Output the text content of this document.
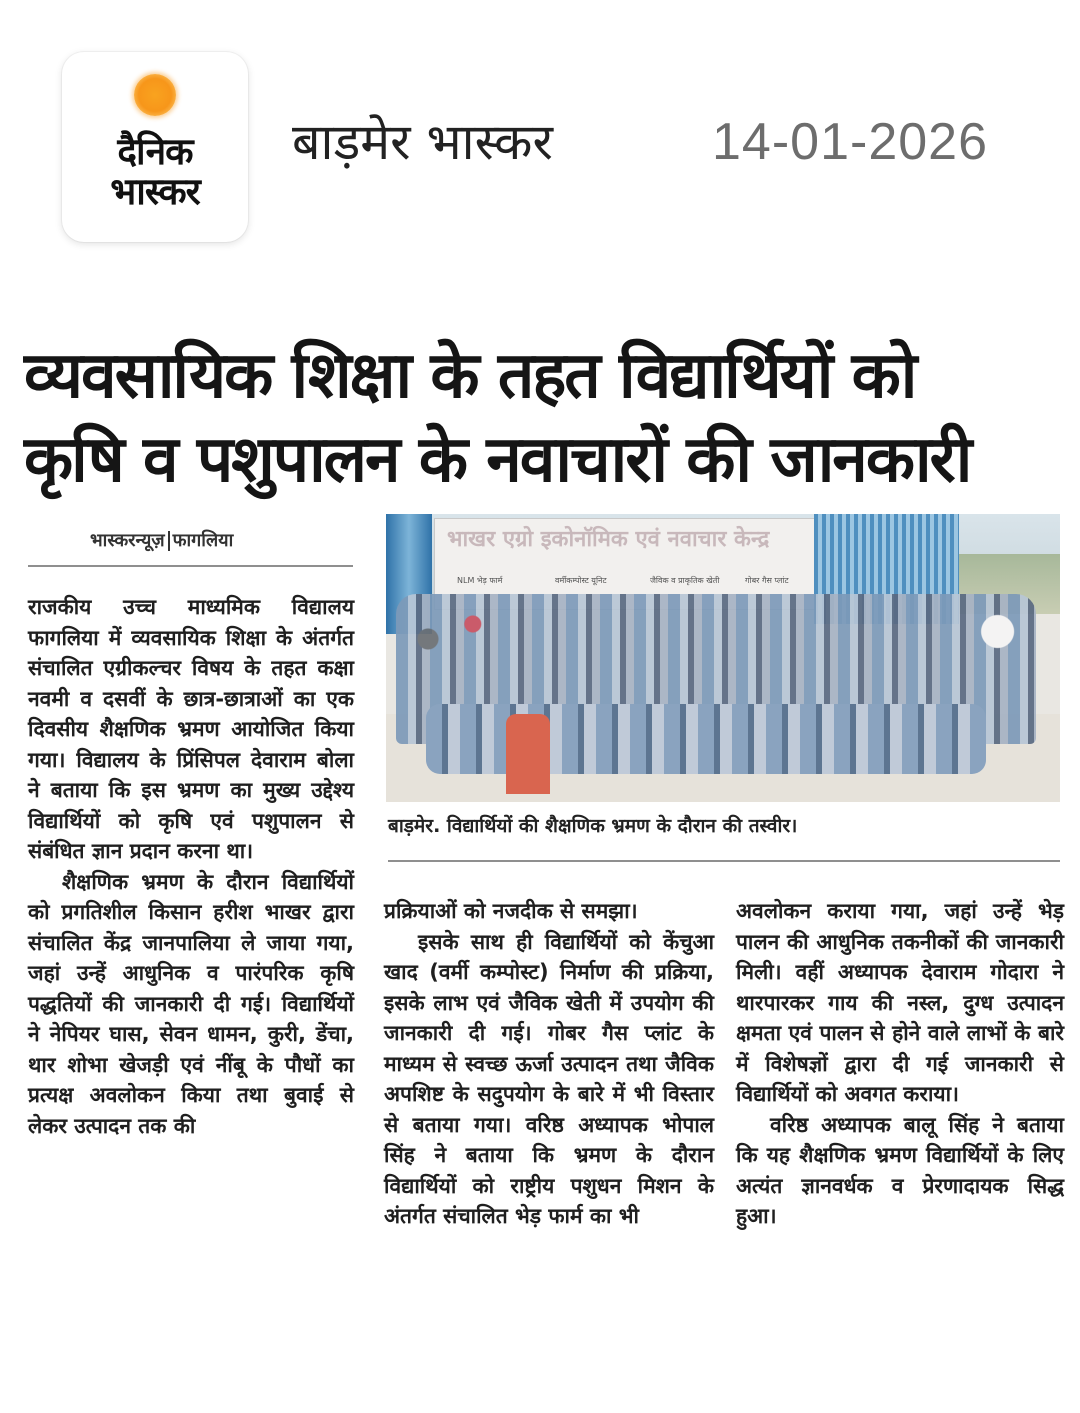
दैनिक
भास्कर
बाड़मेर भास्कर	14-01-2026
व्यवसायिक शिक्षा के तहत विद्यार्थियों को
कृषि व पशुपालन के नवाचारों की जानकारी
भास्करन्यूज़ फागलिया

राजकीय उच्च माध्यमिक विद्यालय फागलिया में व्यवसायिक शिक्षा के अंतर्गत संचालित एग्रीकल्चर विषय के तहत कक्षा नवमी व दसवीं के छात्र-छात्राओं का एक दिवसीय शैक्षणिक भ्रमण आयोजित किया गया। विद्यालय के प्रिंसिपल देवाराम बोला ने बताया कि इस भ्रमण का मुख्य उद्देश्य विद्यार्थियों को कृषि एवं पशुपालन से संबंधित ज्ञान प्रदान करना था।

शैक्षणिक भ्रमण के दौरान विद्यार्थियों को प्रगतिशील किसान हरीश भाखर द्वारा संचालित केंद्र जानपालिया ले जाया गया, जहां उन्हें आधुनिक व पारंपरिक कृषि पद्धतियों की जानकारी दी गई। विद्यार्थियों ने नेपियर घास, सेवन धामन, कुरी, डेंचा, थार शोभा खेजड़ी एवं नींबू के पौधों का प्रत्यक्ष अवलोकन किया तथा बुवाई से लेकर उत्पादन तक की

भाखर एग्रो इकोनॉमिक एवं नवाचार केन्द्र
NLM भेड़ फार्म	वर्मीकम्पोस्ट यूनिट	जैविक व प्राकृतिक खेती	गोबर गैस प्लांट
बाड़मेर. विद्यार्थियों की शैक्षणिक भ्रमण के दौरान की तस्वीर।

प्रक्रियाओं को नजदीक से समझा।

इसके साथ ही विद्यार्थियों को केंचुआ खाद (वर्मी कम्पोस्ट) निर्माण की प्रक्रिया, इसके लाभ एवं जैविक खेती में उपयोग की जानकारी दी गई। गोबर गैस प्लांट के माध्यम से स्वच्छ ऊर्जा उत्पादन तथा जैविक अपशिष्ट के सदुपयोग के बारे में भी विस्तार से बताया गया। वरिष्ठ अध्यापक भोपाल सिंह ने बताया कि भ्रमण के दौरान विद्यार्थियों को राष्ट्रीय पशुधन मिशन के अंतर्गत संचालित भेड़ फार्म का भी

अवलोकन कराया गया, जहां उन्हें भेड़ पालन की आधुनिक तकनीकों की जानकारी मिली। वहीं अध्यापक देवाराम गोदारा ने थारपारकर गाय की नस्ल, दुग्ध उत्पादन क्षमता एवं पालन से होने वाले लाभों के बारे में विशेषज्ञों द्वारा दी गई जानकारी से विद्यार्थियों को अवगत कराया।

वरिष्ठ अध्यापक बालू सिंह ने बताया कि यह शैक्षणिक भ्रमण विद्यार्थियों के लिए अत्यंत ज्ञानवर्धक व प्रेरणादायक सिद्ध हुआ।
